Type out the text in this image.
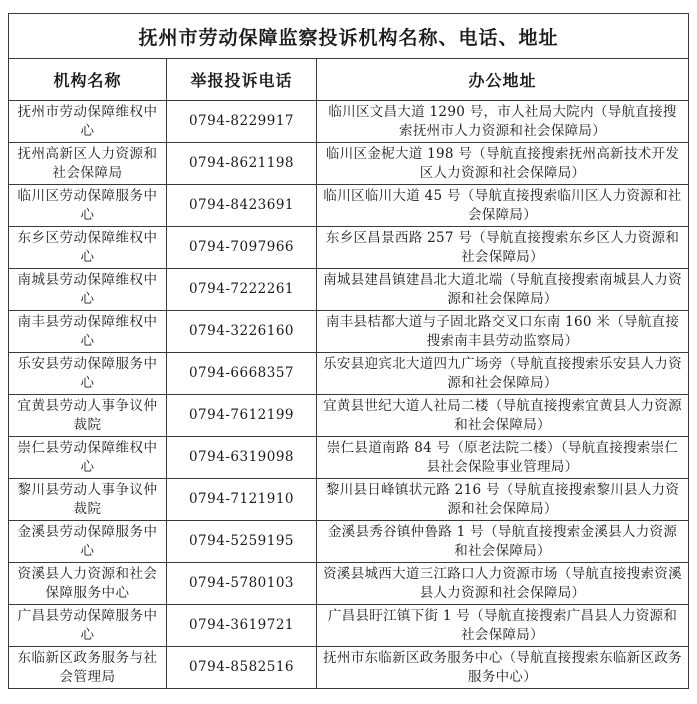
抚州市劳动保障监察投诉机构名称、电话、地址		
机构名称	举报投诉电话	办公地址
抚州市劳动保障维权中心	0794-8229917	临川区文昌大道 1290 号，市人社局大院内（导航直接搜索抚州市人力资源和社会保障局）
抚州高新区人力资源和社会保障局	0794-8621198	临川区金柅大道 198 号（导航直接搜索抚州高新技术开发区人力资源和社会保障局）
临川区劳动保障服务中心	0794-8423691	临川区临川大道 45 号（导航直接搜索临川区人力资源和社会保障局）
东乡区劳动保障维权中心	0794-7097966	东乡区昌景西路 257 号（导航直接搜索东乡区人力资源和社会保障局）
南城县劳动保障维权中心	0794-7222261	南城县建昌镇建昌北大道北端（导航直接搜索南城县人力资源和社会保障局）
南丰县劳动保障维权中心	0794-3226160	南丰县桔都大道与子固北路交叉口东南 160 米（导航直接搜索南丰县劳动监察局）
乐安县劳动保障服务中心	0794-6668357	乐安县迎宾北大道四九广场旁（导航直接搜索乐安县人力资源和社会保障局）
宜黄县劳动人事争议仲裁院	0794-7612199	宜黄县世纪大道人社局二楼（导航直接搜索宜黄县人力资源和社会保障局）
崇仁县劳动保障维权中心	0794-6319098	崇仁县道南路 84 号（原老法院二楼）（导航直接搜索崇仁县社会保险事业管理局）
黎川县劳动人事争议仲裁院	0794-7121910	黎川县日峰镇状元路 216 号（导航直接搜索黎川县人力资源和社会保障局）
金溪县劳动保障服务中心	0794-5259195	金溪县秀谷镇仲鲁路 1 号（导航直接搜索金溪县人力资源和社会保障局）
资溪县人力资源和社会保障服务中心	0794-5780103	资溪县城西大道三江路口人力资源市场（导航直接搜索资溪县人力资源和社会保障局）
广昌县劳动保障服务中心	0794-3619721	广昌县盱江镇下街 1 号（导航直接搜索广昌县人力资源和社会保障局）
东临新区政务服务与社会管理局	0794-8582516	抚州市东临新区政务服务中心（导航直接搜索东临新区政务服务中心）
